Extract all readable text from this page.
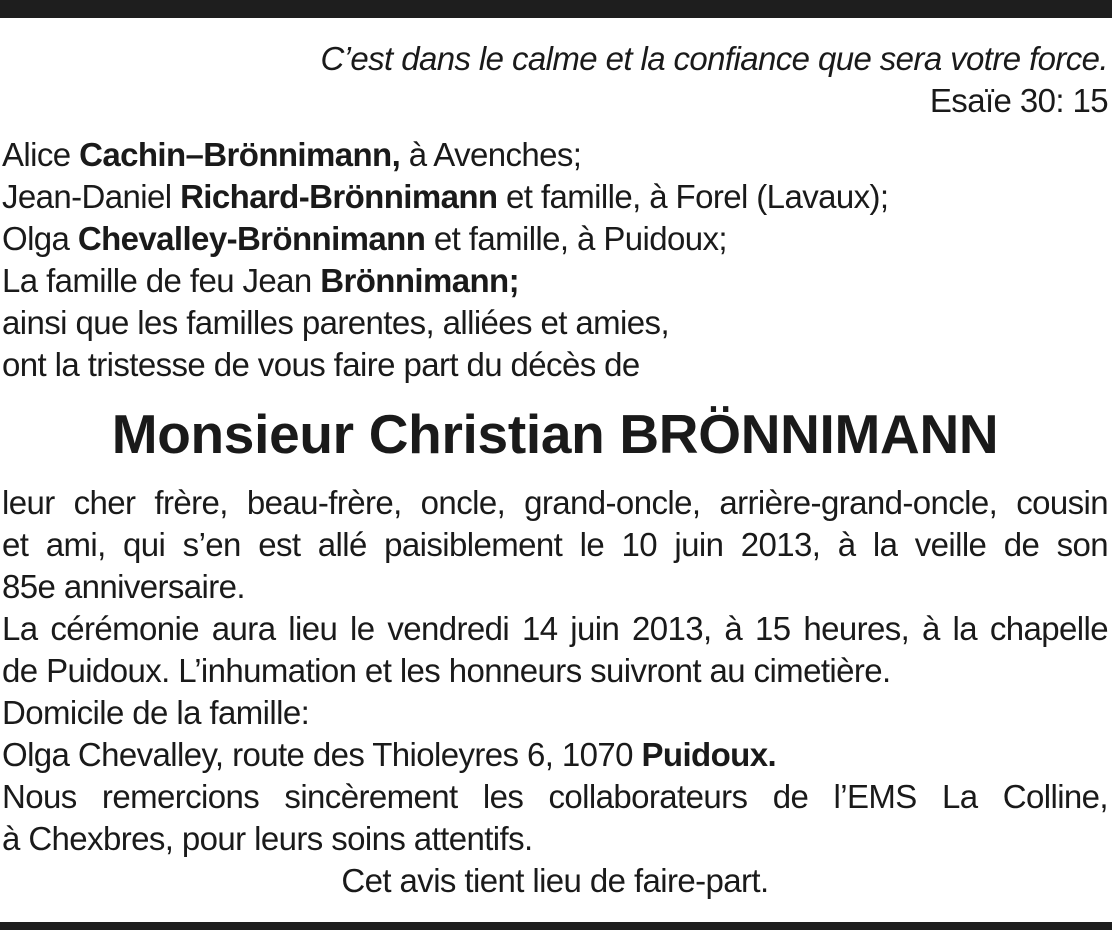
C’est dans le calme et la confiance que sera votre force.
Esaïe 30: 15
Alice Cachin–Brönnimann, à Avenches;
Jean-Daniel Richard-Brönnimann et famille, à Forel (Lavaux);
Olga Chevalley-Brönnimann et famille, à Puidoux;
La famille de feu Jean Brönnimann;
ainsi que les familles parentes, alliées et amies,
ont la tristesse de vous faire part du décès de
Monsieur Christian BRÖNNIMANN
leur cher frère, beau-frère, oncle, grand-oncle, arrière-grand-oncle, cousin
et ami, qui s’en est allé paisiblement le 10 juin 2013, à la veille de son
85e anniversaire.
La cérémonie aura lieu le vendredi 14 juin 2013, à 15 heures, à la chapelle
de Puidoux. L’inhumation et les honneurs suivront au cimetière.
Domicile de la famille:
Olga Chevalley, route des Thioleyres 6, 1070 Puidoux.
Nous remercions sincèrement les collaborateurs de l’EMS La Colline,
à Chexbres, pour leurs soins attentifs.
Cet avis tient lieu de faire-part.
